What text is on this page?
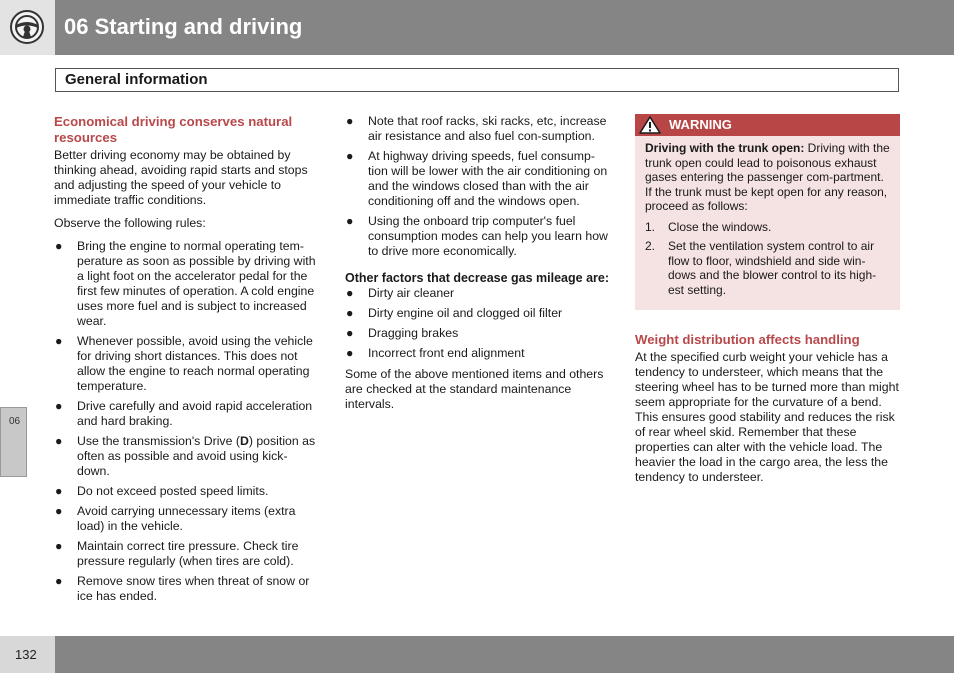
06 Starting and driving
General information
06
Economical driving conserves natural resources

Better driving economy may be obtained by thinking ahead, avoiding rapid starts and stops and adjusting the speed of your vehicle to immediate traffic conditions.

Observe the following rules:

● Bring the engine to normal operating tem-perature as soon as possible by driving with a light foot on the accelerator pedal for the first few minutes of operation. A cold engine uses more fuel and is subject to increased wear.
● Whenever possible, avoid using the vehicle for driving short distances. This does not allow the engine to reach normal operating temperature.
● Drive carefully and avoid rapid acceleration and hard braking.
● Use the transmission's Drive (D) position as often as possible and avoid using kick-down.
● Do not exceed posted speed limits.
● Avoid carrying unnecessary items (extra load) in the vehicle.
● Maintain correct tire pressure. Check tire pressure regularly (when tires are cold).
● Remove snow tires when threat of snow or ice has ended.
● Note that roof racks, ski racks, etc, increase air resistance and also fuel con-sumption.
● At highway driving speeds, fuel consump-tion will be lower with the air conditioning on and the windows closed than with the air conditioning off and the windows open.
● Using the onboard trip computer's fuel consumption modes can help you learn how to drive more economically.
Other factors that decrease gas mileage are:
● Dirty air cleaner
● Dirty engine oil and clogged oil filter
● Dragging brakes
● Incorrect front end alignment

Some of the above mentioned items and others are checked at the standard maintenance intervals.

WARNING
Driving with the trunk open: Driving with the trunk open could lead to poisonous exhaust gases entering the passenger com-partment. If the trunk must be kept open for any reason, proceed as follows:
1. Close the windows.
2. Set the ventilation system control to air flow to floor, windshield and side win-dows and the blower control to its high-est setting.
Weight distribution affects handling

At the specified curb weight your vehicle has a tendency to understeer, which means that the steering wheel has to be turned more than might seem appropriate for the curvature of a bend. This ensures good stability and reduces the risk of rear wheel skid. Remember that these properties can alter with the vehicle load. The heavier the load in the cargo area, the less the tendency to understeer.

132
